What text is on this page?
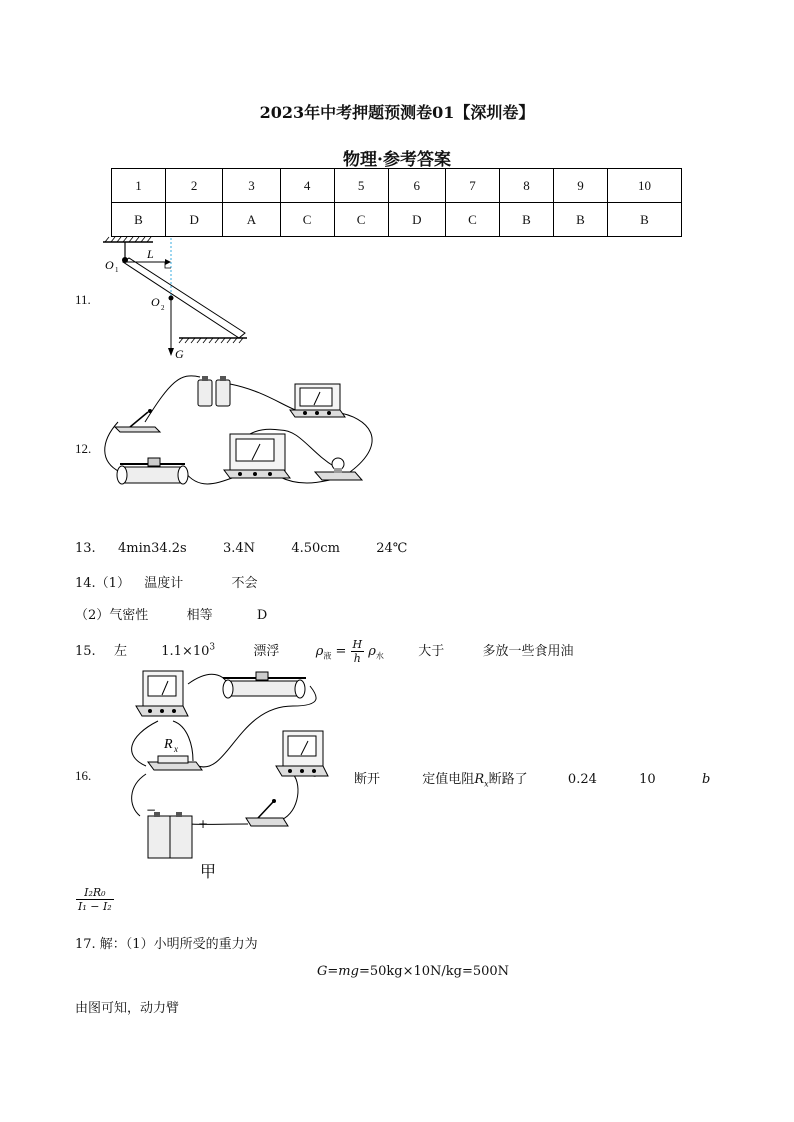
2023年中考押题预测卷01【深圳卷】
物理·参考答案
1	2	3	4	5	6	7	8	9	10
B	D	A	C	C	D	C	B	B	B
11.
O 1
L
O 2
G
12.
13. 4min34.2s	3.4N	4.50cm	24℃
14.（1） 温度计	不会
（2）气密性	相等	D
15. 左	$1.1\times 10^3$	漂浮	$\rho_液 = \frac{H}{h} \rho_水$	大于	多放一些食用油
16.
R x
−
+
甲
断开	定值电阻$R_x$断路了	0.24	10	b
$\frac{\text{I₂R₀}}{\text{I₁ − I₂}}$
17. 解：（1）小明所受的重力为
G=mg=50kg×10N/kg=500N
由图可知，动力臂
